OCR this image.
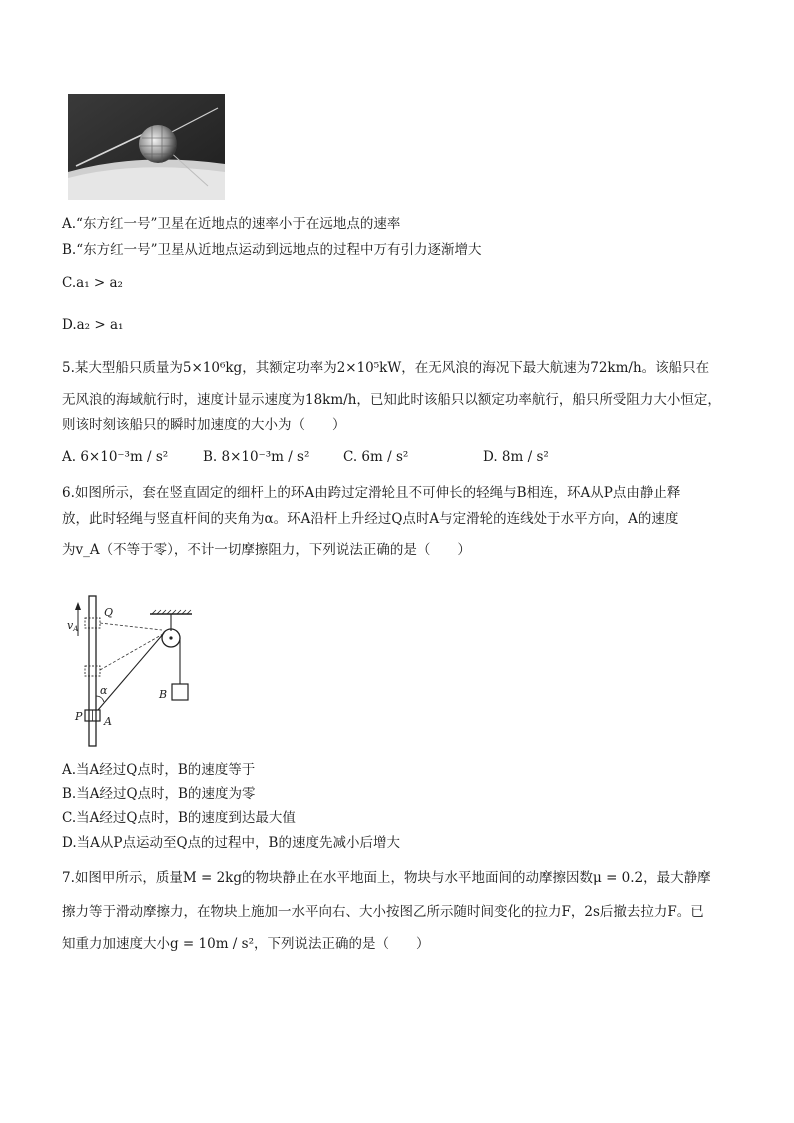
A.“东方红一号”卫星在近地点的速率小于在远地点的速率
B.“东方红一号”卫星从近地点运动到远地点的过程中万有引力逐渐增大
C.a₁ > a₂
D.a₂ > a₁
5.某大型船只质量为5×10⁶kg，其额定功率为2×10⁵kW，在无风浪的海况下最大航速为72km/h。该船只在
无风浪的海域航行时，速度计显示速度为18km/h，已知此时该船只以额定功率航行，船只所受阻力大小恒定，
则该时刻该船只的瞬时加速度的大小为（　　）
A. 6×10⁻³m / s²	B. 8×10⁻³m / s² C. 6m / s²	D. 8m / s²
6.如图所示，套在竖直固定的细杆上的环A由跨过定滑轮且不可伸长的轻绳与B相连，环A从P点由静止释
放，此时轻绳与竖直杆间的夹角为α。环A沿杆上升经过Q点时A与定滑轮的连线处于水平方向，A的速度
为v_A（不等于零），不计一切摩擦阻力，下列说法正确的是（　　）
vA
Q
B
α
P A
A.当A经过Q点时，B的速度等于
B.当A经过Q点时，B的速度为零
C.当A经过Q点时，B的速度到达最大值
D.当A从P点运动至Q点的过程中，B的速度先减小后增大
7.如图甲所示，质量M = 2kg的物块静止在水平地面上，物块与水平地面间的动摩擦因数μ = 0.2，最大静摩
擦力等于滑动摩擦力，在物块上施加一水平向右、大小按图乙所示随时间变化的拉力F，2s后撤去拉力F。已
知重力加速度大小g = 10m / s²，下列说法正确的是（　　）
